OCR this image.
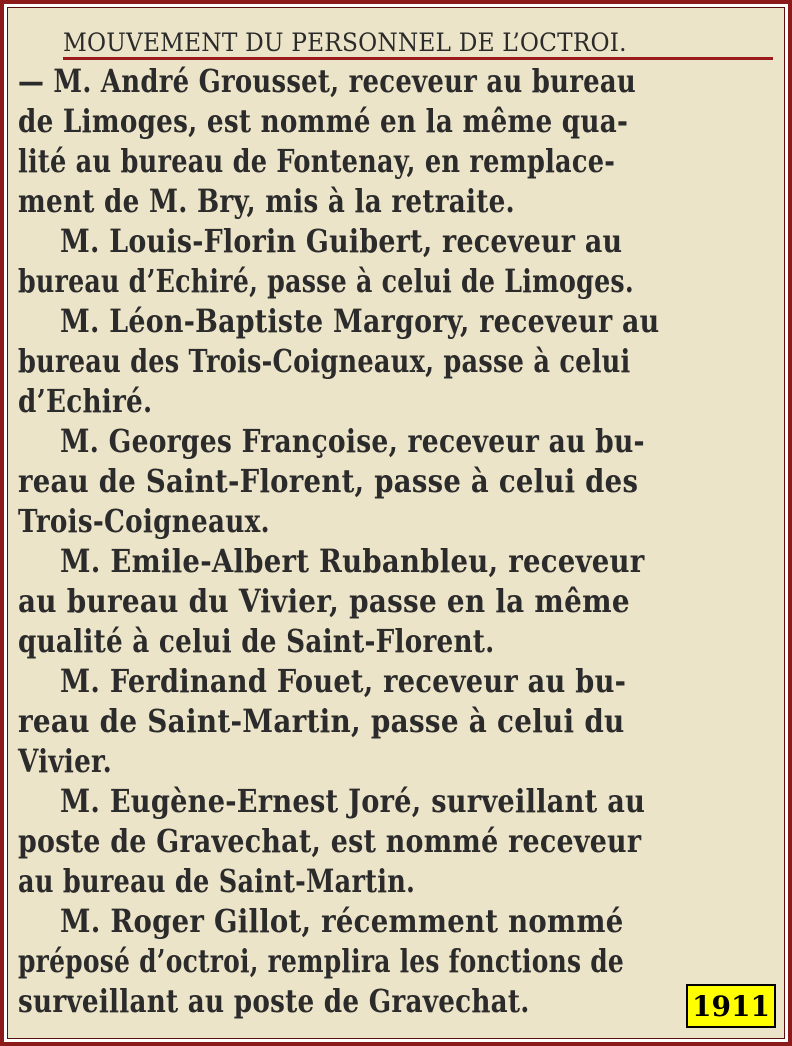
MOUVEMENT DU PERSONNEL DE L’OCTROI.
— M. André Grousset, receveur au bureau
de Limoges, est nommé en la même qua-
lité au bureau de Fontenay, en remplace-
ment de M. Bry, mis à la retraite.
M. Louis-Florin Guibert, receveur au
bureau d’Echiré, passe à celui de Limoges.
M. Léon-Baptiste Margory, receveur au
bureau des Trois-Coigneaux, passe à celui
d’Echiré.
M. Georges Françoise, receveur au bu-
reau de Saint-Florent, passe à celui des
Trois-Coigneaux.
M. Emile-Albert Rubanbleu, receveur
au bureau du Vivier, passe en la même
qualité à celui de Saint-Florent.
M. Ferdinand Fouet, receveur au bu-
reau de Saint-Martin, passe à celui du
Vivier.
M. Eugène-Ernest Joré, surveillant au
poste de Gravechat, est nommé receveur
au bureau de Saint-Martin.
M. Roger Gillot, récemment nommé
préposé d’octroi, remplira les fonctions de
surveillant au poste de Gravechat.	1911
